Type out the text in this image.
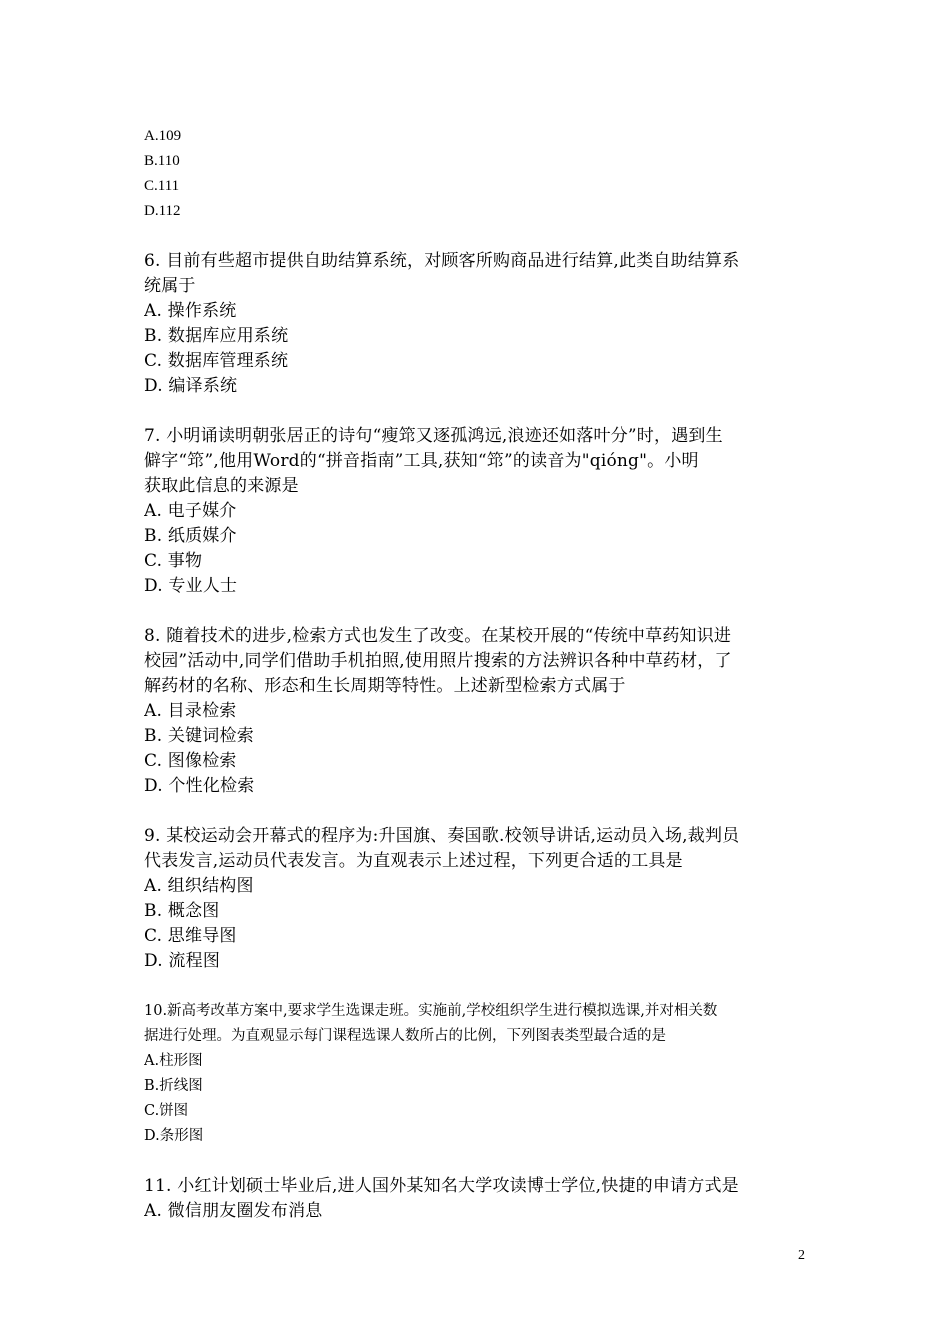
A.109
B.110
C.111
D.112
6. 目前有些超市提供自助结算系统，对顾客所购商品进行结算,此类自助结算系
统属于
A. 操作系统
B. 数据库应用系统
C. 数据库管理系统
D. 编译系统
7. 小明诵读明朝张居正的诗句“瘦筇又逐孤鸿远,浪迹还如落叶分”时，遇到生
僻字“筇”,他用Word的“拼音指南”工具,获知“筇”的读音为"qióng"。小明
获取此信息的来源是
A. 电子媒介
B. 纸质媒介
C. 事物
D. 专业人士
8. 随着技术的进步,检索方式也发生了改变。在某校开展的“传统中草药知识进
校园”活动中,同学们借助手机拍照,使用照片搜索的方法辨识各种中草药材，了
解药材的名称、形态和生长周期等特性。上述新型检索方式属于
A. 目录检索
B. 关键词检索
C. 图像检索
D. 个性化检索
9. 某校运动会开幕式的程序为:升国旗、奏国歌.校领导讲话,运动员入场,裁判员
代表发言,运动员代表发言。为直观表示上述过程，下列更合适的工具是
A. 组织结构图
B. 概念图
C. 思维导图
D. 流程图
10.新高考改革方案中,要求学生选课走班。实施前,学校组织学生进行模拟选课,并对相关数
据进行处理。为直观显示每门课程选课人数所占的比例，下列图表类型最合适的是
A.柱形图
B.折线图
C.饼图
D.条形图
11. 小红计划硕士毕业后,进人国外某知名大学攻读博士学位,快捷的申请方式是
A. 微信朋友圈发布消息
2
